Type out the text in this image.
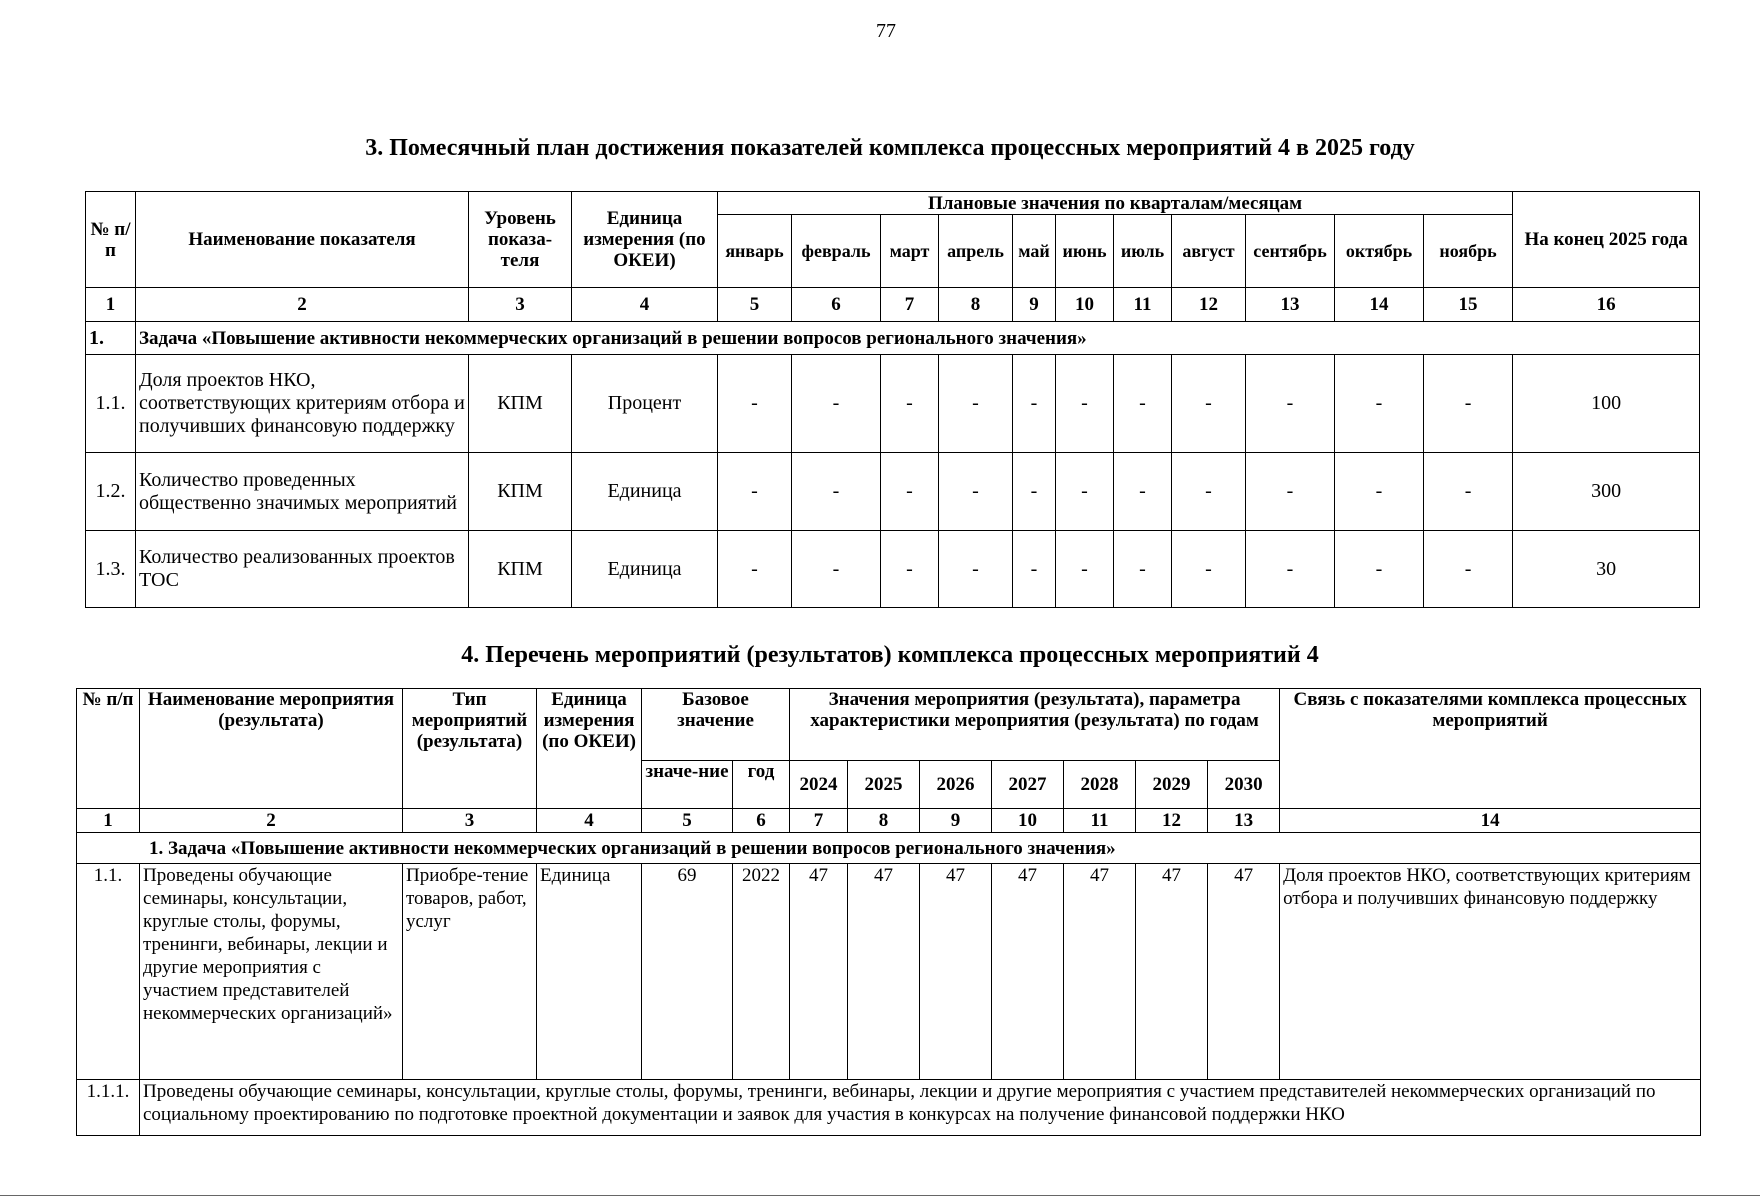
77
3. Помесячный план достижения показателей комплекса процессных мероприятий 4 в 2025 году
№ п/п	Наименование показателя	Уровень показа-теля	Единица измерения (по ОКЕИ)	Плановые значения по кварталам/месяцам											На конец 2025 года
				январь	февраль	март	апрель	май	июнь	июль	август	сентябрь	октябрь	ноябрь	
1	2	3	4	5	6	7	8	9	10	11	12	13	14	15	16
1.	Задача «Повышение активности некоммерческих организаций в решении вопросов регионального значения»														
1.1.	Доля проектов НКО, соответствующих критериям отбора и получивших финансовую поддержку	КПМ	Процент	-	-	-	-	-	-	-	-	-	-	-	100
1.2.	Количество проведенных общественно значимых мероприятий	КПМ	Единица	-	-	-	-	-	-	-	-	-	-	-	300
1.3.	Количество реализованных проектов ТОС	КПМ	Единица	-	-	-	-	-	-	-	-	-	-	-	30
4. Перечень мероприятий (результатов) комплекса процессных мероприятий 4
№ п/п	Наименование мероприятия (результата)	Тип мероприятий (результата)	Единица измерения (по ОКЕИ)	Базовое значение		Значения мероприятия (результата), параметра характеристики мероприятия (результата) по годам							Связь с показателями комплекса процессных мероприятий
				значе-ние	год	2024	2025	2026	2027	2028	2029	2030	
1	2	3	4	5	6	7	8	9	10	11	12	13	14
1. Задача «Повышение активности некоммерческих организаций в решении вопросов регионального значения»													
1.1.	Проведены обучающие семинары, консультации, круглые столы, форумы, тренинги, вебинары, лекции и другие мероприятия с участием представителей некоммерческих организаций»	Приобре-тение товаров, работ, услуг	Единица	69	2022	47	47	47	47	47	47	47	Доля проектов НКО, соответствующих критериям отбора и получивших финансовую поддержку
1.1.1.	Проведены обучающие семинары, консультации, круглые столы, форумы, тренинги, вебинары, лекции и другие мероприятия с участием представителей некоммерческих организаций по социальному проектированию по подготовке проектной документации и заявок для участия в конкурсах на получение финансовой поддержки НКО												
